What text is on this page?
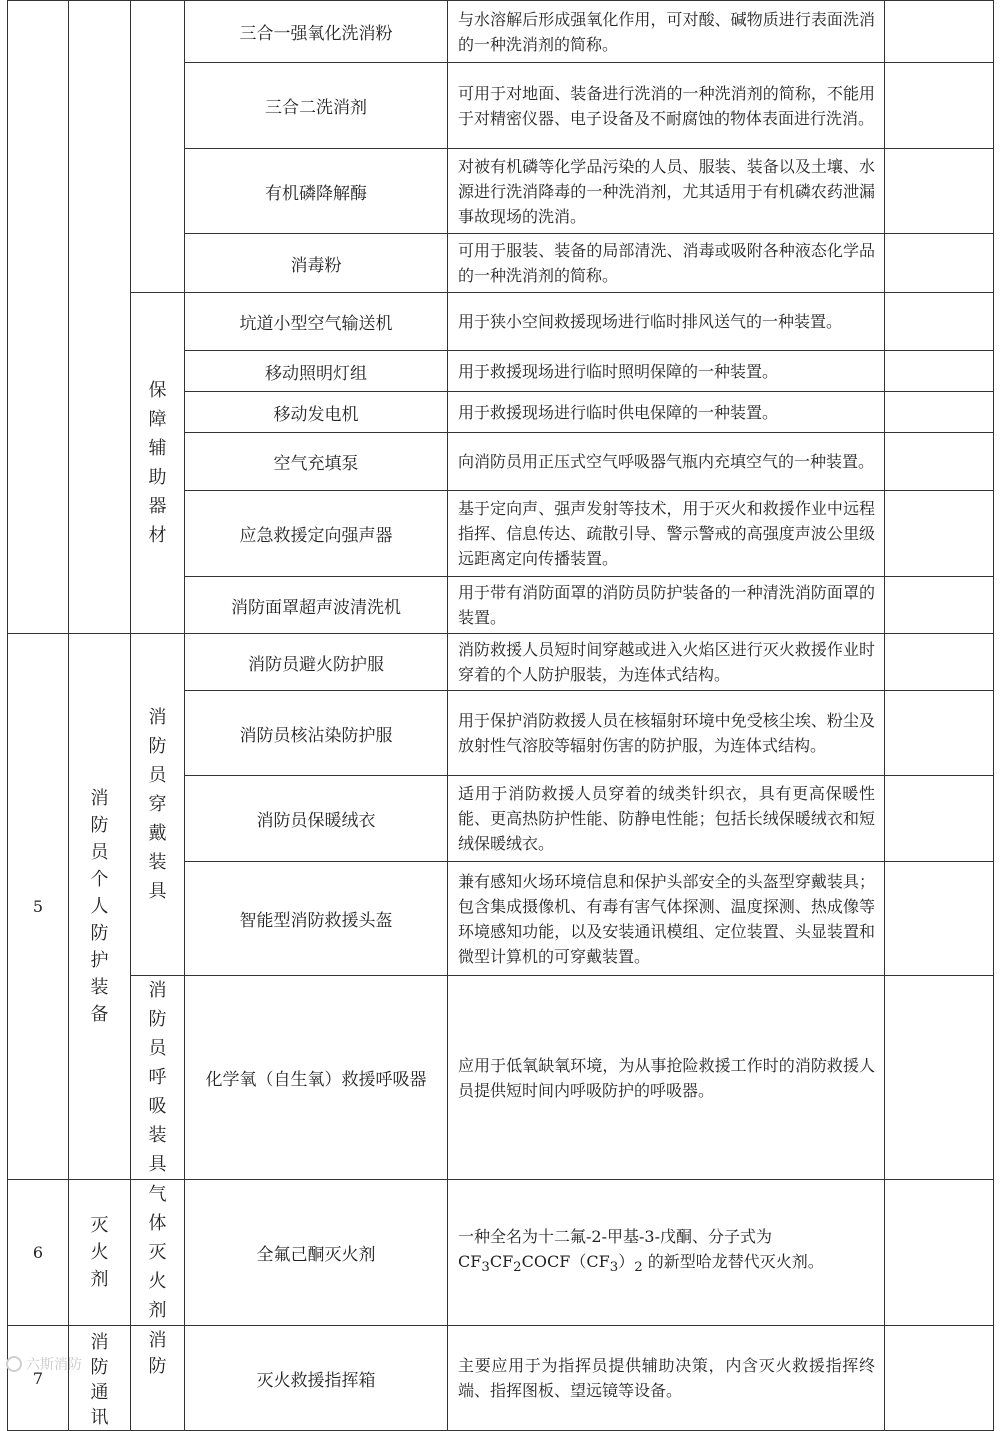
			三合一强氧化洗消粉	与水溶解后形成强氧化作用，可对酸、碱物质进行表面洗消的一种洗消剂的简称。	
			三合二洗消剂	可用于对地面、装备进行洗消的一种洗消剂的简称，不能用于对精密仪器、电子设备及不耐腐蚀的物体表面进行洗消。	
			有机磷降解酶	对被有机磷等化学品污染的人员、服装、装备以及土壤、水源进行洗消降毒的一种洗消剂，尤其适用于有机磷农药泄漏事故现场的洗消。	
			消毒粉	可用于服装、装备的局部清洗、消毒或吸附各种液态化学品的一种洗消剂的简称。	
		保障辅助器材	坑道小型空气输送机	用于狭小空间救援现场进行临时排风送气的一种装置。	
			移动照明灯组	用于救援现场进行临时照明保障的一种装置。	
			移动发电机	用于救援现场进行临时供电保障的一种装置。	
			空气充填泵	向消防员用正压式空气呼吸器气瓶内充填空气的一种装置。	
			应急救援定向强声器	基于定向声、强声发射等技术，用于灭火和救援作业中远程指挥、信息传达、疏散引导、警示警戒的高强度声波公里级远距离定向传播装置。	
			消防面罩超声波清洗机	用于带有消防面罩的消防员防护装备的一种清洗消防面罩的装置。	
5	消防员个人防护装备	消防员穿戴装具	消防员避火防护服	消防救援人员短时间穿越或进入火焰区进行灭火救援作业时穿着的个人防护服装，为连体式结构。	
			消防员核沾染防护服	用于保护消防救援人员在核辐射环境中免受核尘埃、粉尘及放射性气溶胶等辐射伤害的防护服，为连体式结构。	
			消防员保暖绒衣	适用于消防救援人员穿着的绒类针织衣，具有更高保暖性能、更高热防护性能、防静电性能；包括长绒保暖绒衣和短绒保暖绒衣。	
			智能型消防救援头盔	兼有感知火场环境信息和保护头部安全的头盔型穿戴装具；包含集成摄像机、有毒有害气体探测、温度探测、热成像等环境感知功能，以及安装通讯模组、定位装置、头显装置和微型计算机的可穿戴装置。	
		消防员呼吸装具	化学氧（自生氧）救援呼吸器	应用于低氧缺氧环境，为从事抢险救援工作时的消防救援人员提供短时间内呼吸防护的呼吸器。	
6	灭火剂	气体灭火剂	全氟己酮灭火剂	一种全名为十二氟-2-甲基-3-戊酮、分子式为
$CF_3CF_2COCF(CF_3)_2$ 的新型哈龙替代灭火剂。	
7	消防通讯	消防	灭火救援指挥箱	主要应用于为指挥员提供辅助决策，内含灭火救援指挥终端、指挥图板、望远镜等设备。	
六斯消防
